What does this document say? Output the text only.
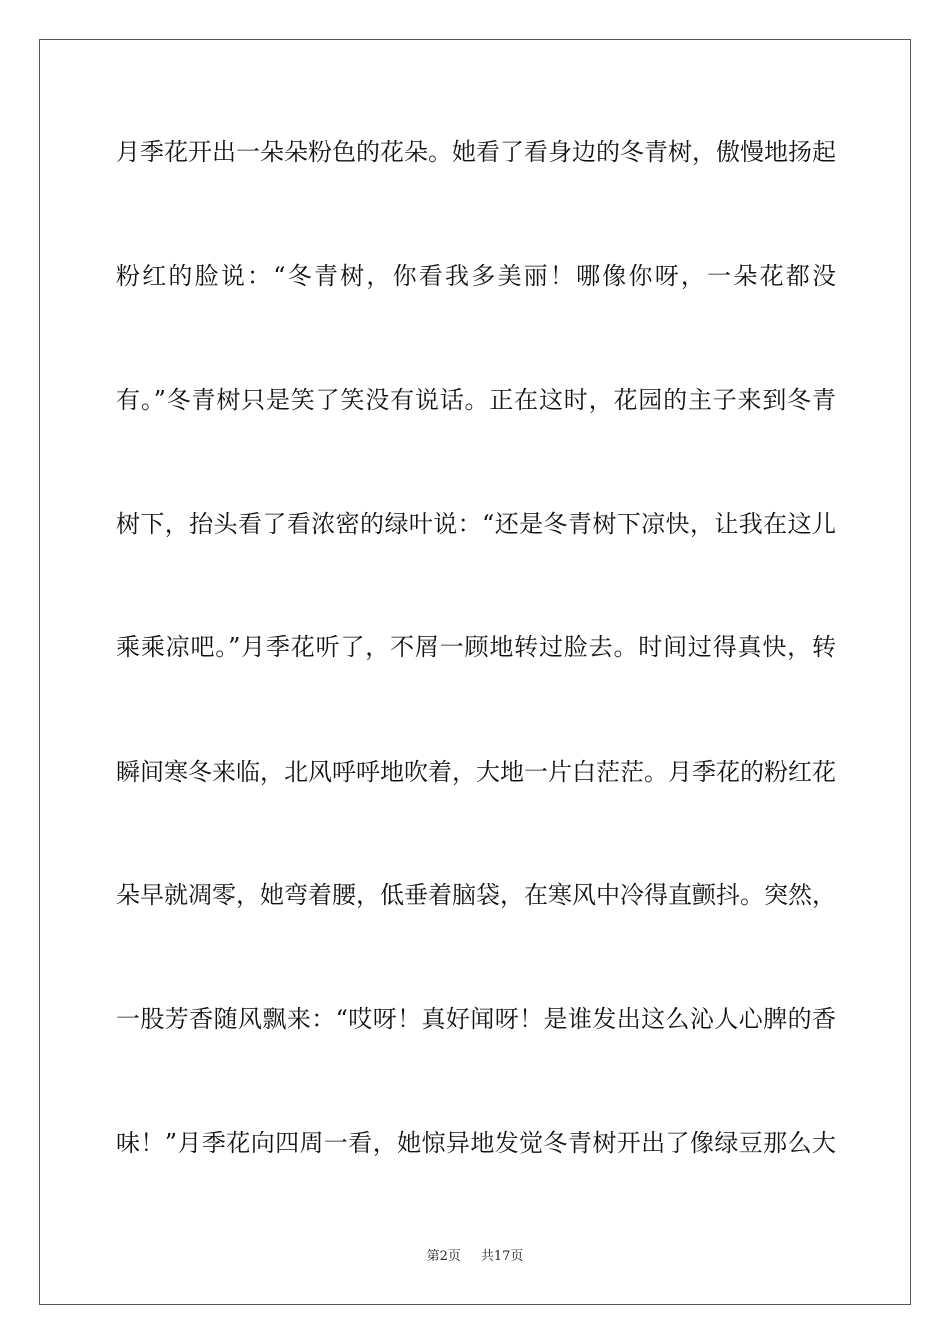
月季花开出一朵朵粉色的花朵。她看了看身边的冬青树，傲慢地扬起
粉红的脸说：“冬青树，你看我多美丽！哪像你呀，一朵花都没
有。”冬青树只是笑了笑没有说话。正在这时，花园的主子来到冬青
树下，抬头看了看浓密的绿叶说：“还是冬青树下凉快，让我在这儿
乘乘凉吧。”月季花听了，不屑一顾地转过脸去。时间过得真快，转
瞬间寒冬来临，北风呼呼地吹着，大地一片白茫茫。月季花的粉红花
朵早就凋零，她弯着腰，低垂着脑袋，在寒风中冷得直颤抖。突然，
一股芳香随风飘来：“哎呀！真好闻呀！是谁发出这么沁人心脾的香
味！”月季花向四周一看，她惊异地发觉冬青树开出了像绿豆那么大
第2页 共17页
